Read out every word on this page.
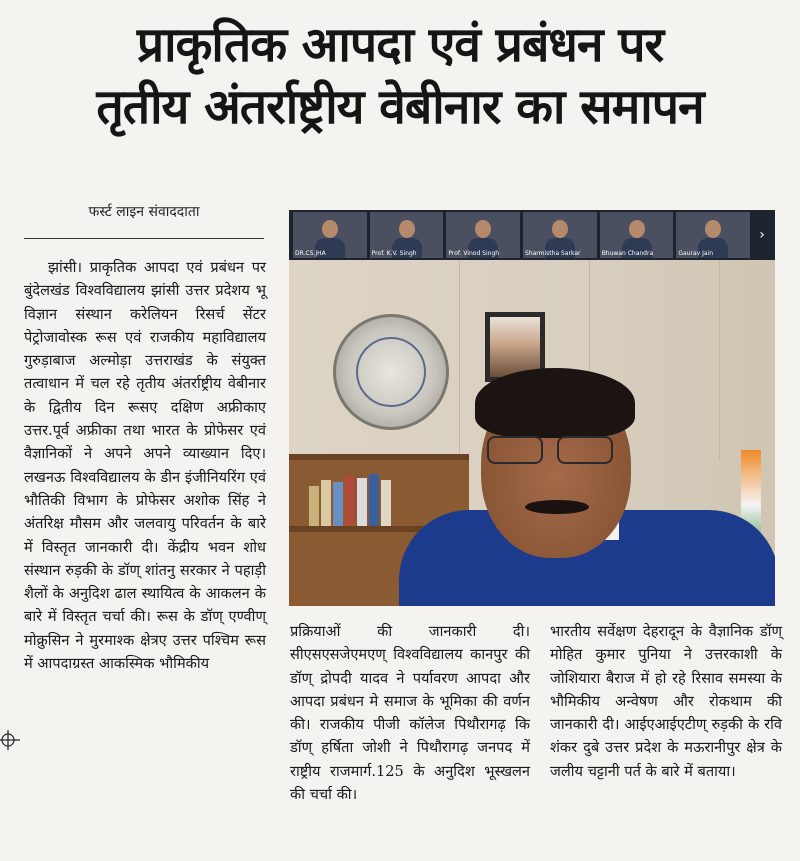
प्राकृतिक आपदा एवं प्रबंधन पर
तृतीय अंतर्राष्ट्रीय वेबीनार का समापन
फर्स्ट लाइन संवाददाता

झांसी। प्राकृतिक आपदा एवं प्रबंधन पर बुंदेलखंड विश्वविद्यालय झांसी उत्तर प्रदेशय भू विज्ञान संस्थान करेलियन रिसर्च सेंटर पेट्रोजावोस्क रूस एवं राजकीय महाविद्यालय गुरुड़ाबाज अल्मोड़ा उत्तराखंड के संयुक्त तत्वाधान में चल रहे तृतीय अंतर्राष्ट्रीय वेबीनार के द्वितीय दिन रूसए दक्षिण अफ्रीकाए उत्तर.पूर्व अफ्रीका तथा भारत के प्रोफेसर एवं वैज्ञानिकों ने अपने अपने व्याख्यान दिए। लखनऊ विश्वविद्यालय के डीन इंजीनियरिंग एवं भौतिकी विभाग के प्रोफेसर अशोक सिंह ने अंतरिक्ष मौसम और जलवायु परिवर्तन के बारे में विस्तृत जानकारी दी। केंद्रीय भवन शोध संस्थान रुड़की के डॉण् शांतनु सरकार ने पहाड़ी शैलों के अनुदिश ढाल स्थायित्व के आकलन के बारे में विस्तृत चर्चा की। रूस के डॉण् एण्वीण् मोक्रुसिन ने मुरमाश्क क्षेत्रए उत्तर पश्चिम रूस में आपदाग्रस्त आकस्मिक भौमिकीय

DR.CS.JHA	Prof. K.V. Singh	Prof. Vinod Singh	Sharmistha Sarkar	Bhuwan Chandra	Gaurav Jain
›

प्रक्रियाओं की जानकारी दी। सीएसएसजेएमएण् विश्वविद्यालय कानपुर की डॉण् द्रोपदी यादव ने पर्यावरण आपदा और आपदा प्रबंधन मे समाज के भूमिका की वर्णन की। राजकीय पीजी कॉलेज पिथौरागढ़ कि डॉण् हर्षिता जोशी ने पिथौरागढ़ जनपद में राष्ट्रीय राजमार्ग.125 के अनुदिश भूस्खलन की चर्चा की।

भारतीय सर्वेक्षण देहरादून के वैज्ञानिक डॉण् मोहित कुमार पुनिया ने उत्तरकाशी के जोशियारा बैराज में हो रहे रिसाव समस्या के भौमिकीय अन्वेषण और रोकथाम की जानकारी दी। आईएआईएटीण् रुड़की के रवि शंकर दुबे उत्तर प्रदेश के मऊरानीपुर क्षेत्र के जलीय चट्टानी पर्त के बारे में बताया।
